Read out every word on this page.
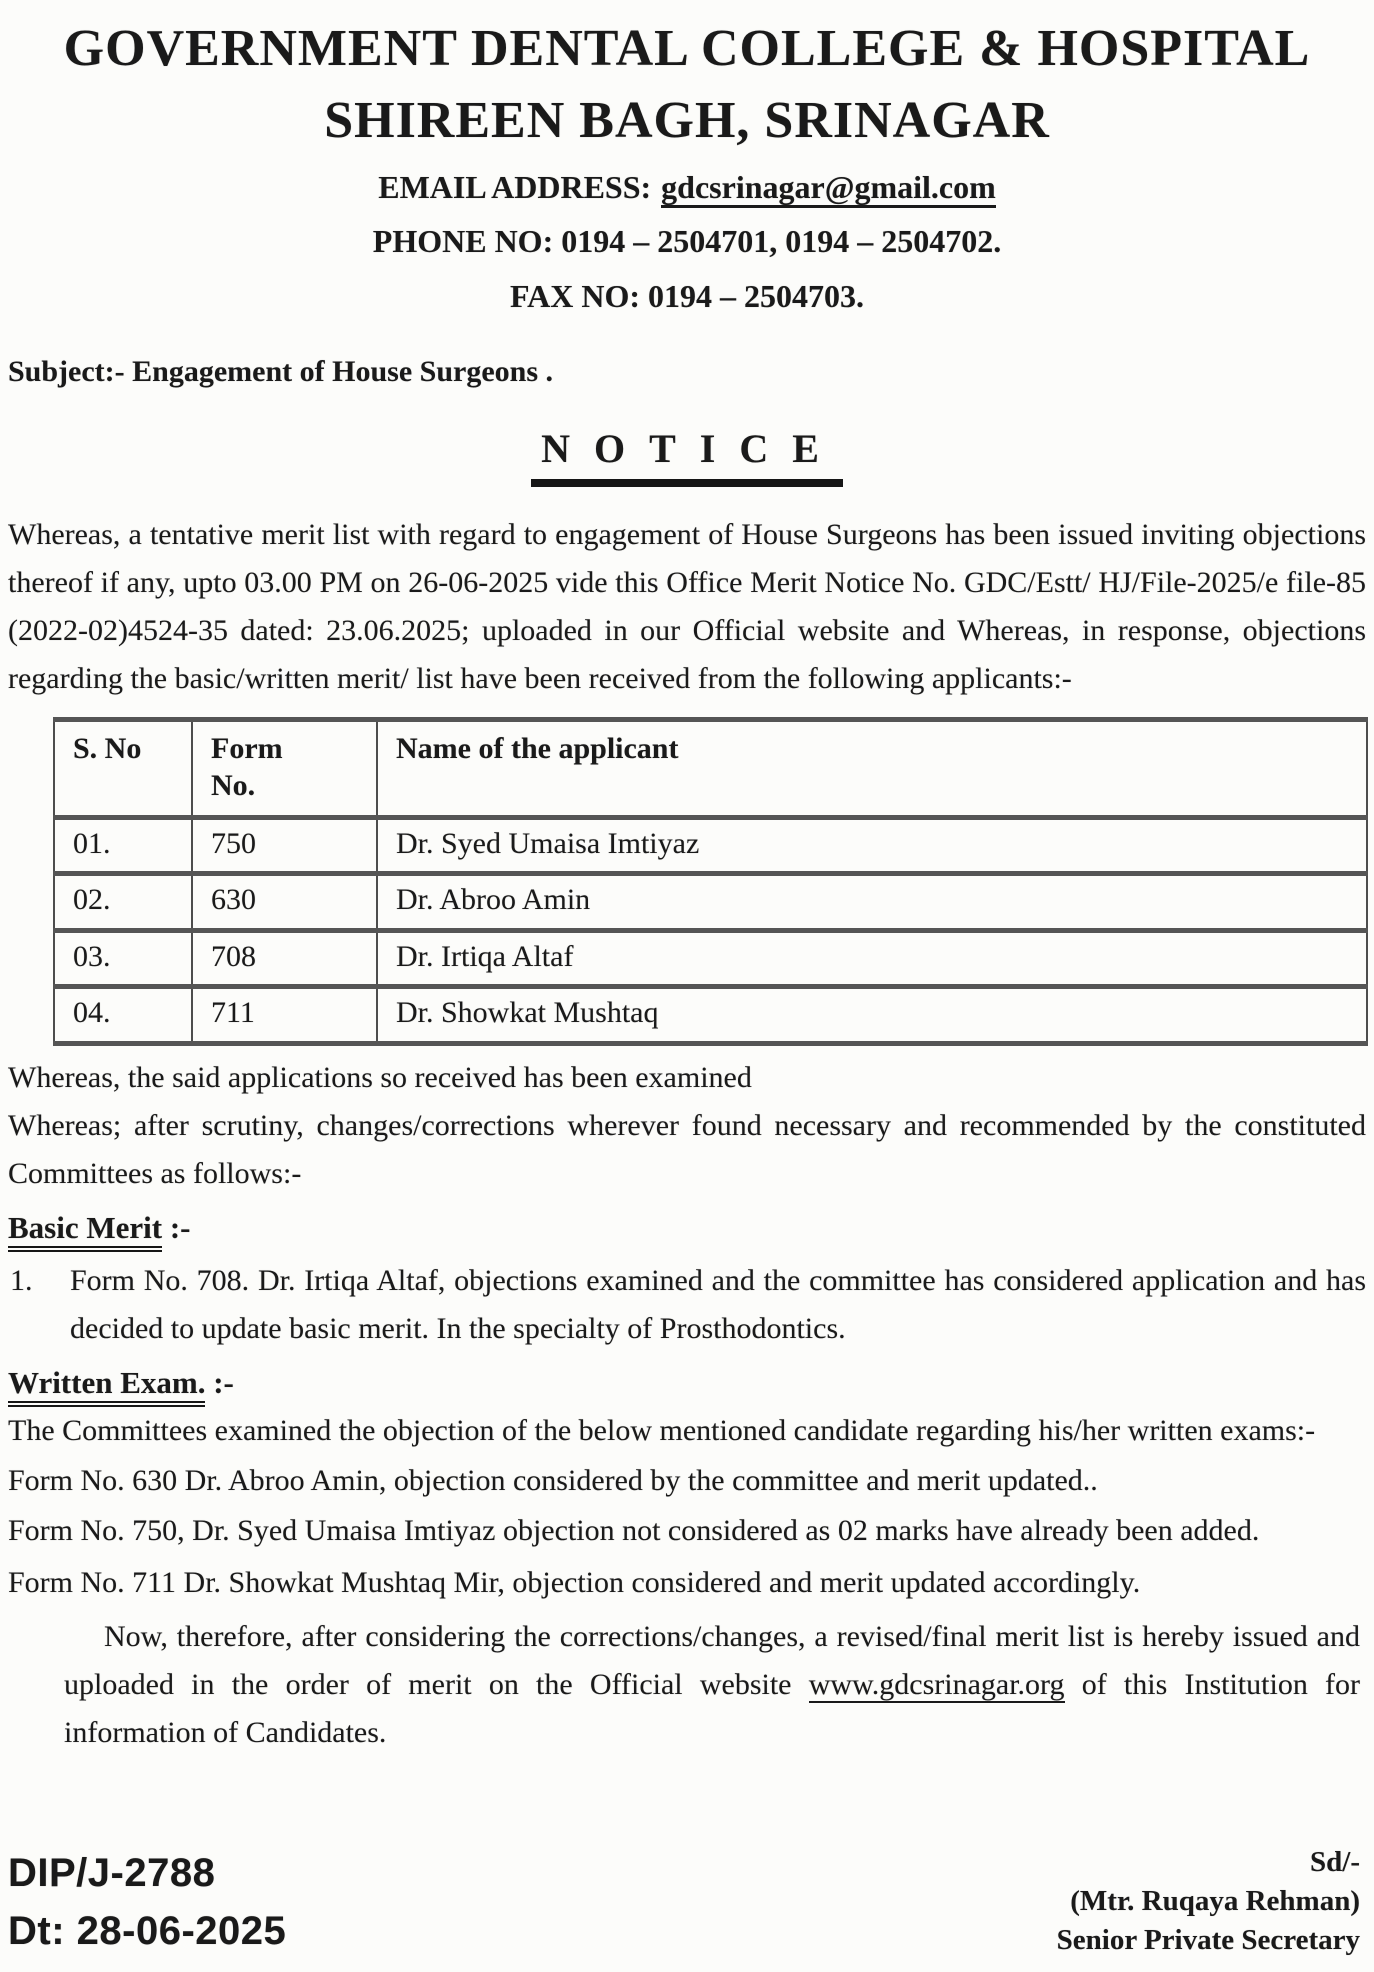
GOVERNMENT DENTAL COLLEGE & HOSPITAL
SHIREEN BAGH, SRINAGAR
EMAIL ADDRESS: gdcsrinagar@gmail.com
PHONE NO: 0194 – 2504701, 0194 – 2504702.
FAX NO: 0194 – 2504703.
Subject:- Engagement of House Surgeons .
NOTICE

Whereas, a tentative merit list with regard to engagement of House Surgeons has been issued inviting objections thereof if any, upto 03.00 PM on 26-06-2025 vide this Office Merit Notice No. GDC/Estt/ HJ/File-2025/e file-85 (2022-02)4524-35 dated: 23.06.2025; uploaded in our Official website and Whereas, in response, objections regarding the basic/written merit/ list have been received from the following applicants:-

S. No	Form No.	Name of the applicant
01.	750	Dr. Syed Umaisa Imtiyaz
02.	630	Dr. Abroo Amin
03.	708	Dr. Irtiqa Altaf
04.	711	Dr. Showkat Mushtaq

Whereas, the said applications so received has been examined

Whereas; after scrutiny, changes/corrections wherever found necessary and recommended by the constituted Committees as follows:-

Basic Merit :-

1. Form No. 708. Dr. Irtiqa Altaf, objections examined and the committee has considered application and has decided to update basic merit. In the specialty of Prosthodontics.

Written Exam. :-

The Committees examined the objection of the below mentioned candidate regarding his/her written exams:-

Form No. 630 Dr. Abroo Amin, objection considered by the committee and merit updated..

Form No. 750, Dr. Syed Umaisa Imtiyaz objection not considered as 02 marks have already been added.

Form No. 711 Dr. Showkat Mushtaq Mir, objection considered and merit updated accordingly.

Now, therefore, after considering the corrections/changes, a revised/final merit list is hereby issued and uploaded in the order of merit on the Official website www.gdcsrinagar.org of this Institution for information of Candidates.

DIP/J-2788
Dt: 28-06-2025
Sd/-
(Mtr. Ruqaya Rehman)
Senior Private Secretary
